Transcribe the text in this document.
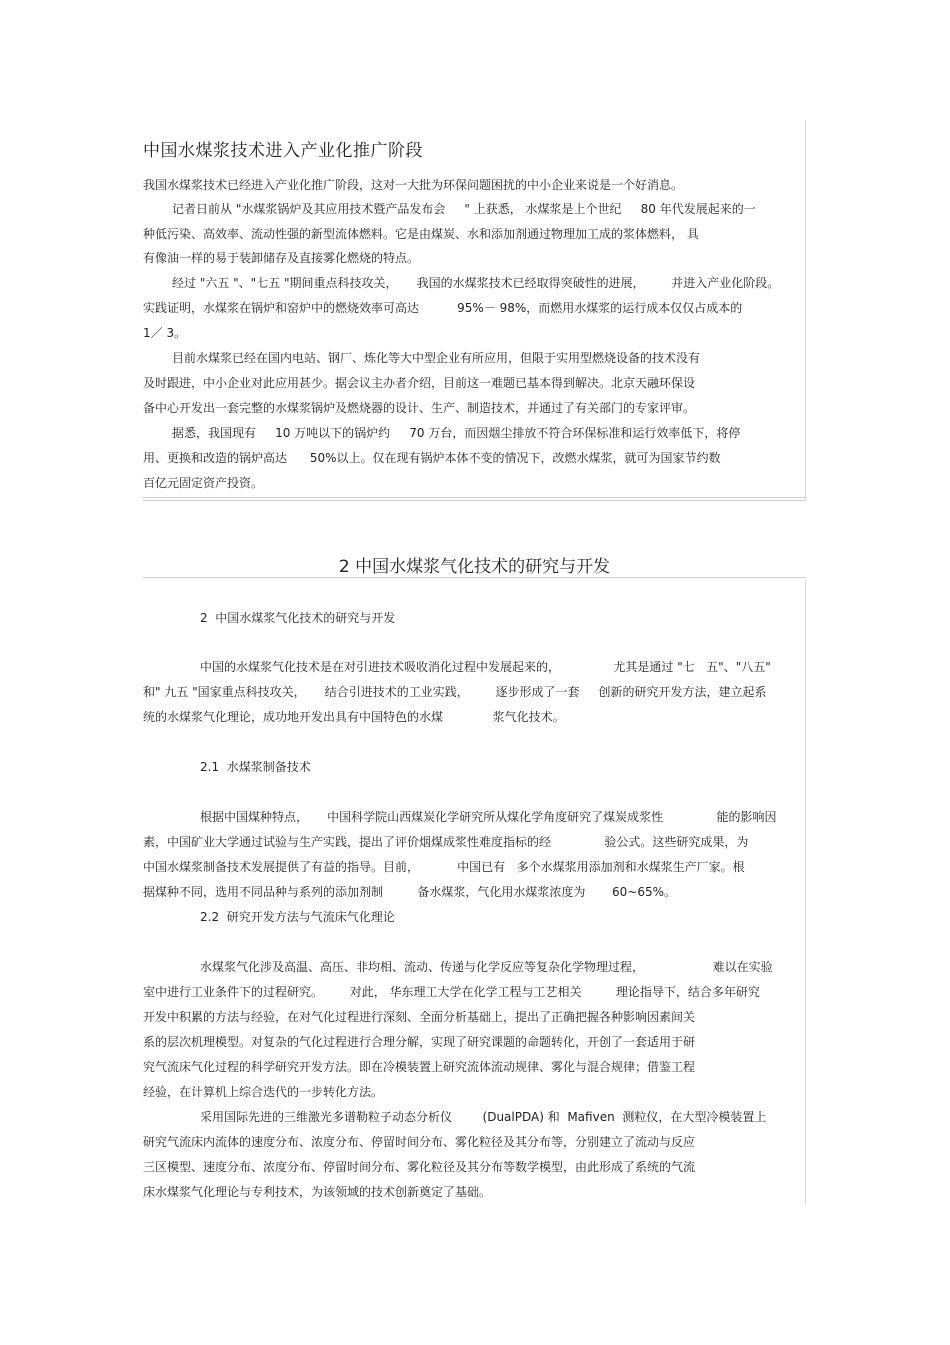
中国水煤浆技术进入产业化推广阶段
我国水煤浆技术已经进入产业化推广阶段，这对一大批为环保问题困扰的中小企业来说是一个好消息。
记者日前从 "水煤浆锅炉及其应用技术暨产品发布会     " 上获悉， 水煤浆是上个世纪     80 年代发展起来的一
种低污染、高效率、流动性强的新型流体燃料。它是由煤炭、水和添加剂通过物理加工成的浆体燃料， 具
有像油一样的易于装卸储存及直接雾化燃烧的特点。
经过 "六五 "、"七五 "期间重点科技攻关，     我国的水煤浆技术已经取得突破性的进展，       并进入产业化阶段。
实践证明，水煤浆在锅炉和窑炉中的燃烧效率可高达          95%－ 98%，而燃用水煤浆的运行成本仅仅占成本的
1／ 3。
目前水煤浆已经在国内电站、钢厂、炼化等大中型企业有所应用，但限于实用型燃烧设备的技术没有
及时跟进，中小企业对此应用甚少。据会议主办者介绍，目前这一难题已基本得到解决。北京天融环保设
备中心开发出一套完整的水煤浆锅炉及燃烧器的设计、生产、制造技术，并通过了有关部门的专家评审。
据悉，我国现有     10 万吨以下的锅炉约     70 万台，而因烟尘排放不符合环保标准和运行效率低下，将停
用、更换和改造的锅炉高达      50%以上。仅在现有锅炉本体不变的情况下，改燃水煤浆，就可为国家节约数
百亿元固定资产投资。
2 中国水煤浆气化技术的研究与开发
2  中国水煤浆气化技术的研究与开发
中国的水煤浆气化技术是在对引进技术吸收消化过程中发展起来的，              尤其是通过 "七   五"、"八五"
和" 九五 "国家重点科技攻关，     结合引进技术的工业实践，       逐步形成了一套     创新的研究开发方法，建立起系
统的水煤浆气化理论，成功地开发出具有中国特色的水煤             浆气化技术。
2.1  水煤浆制备技术
根据中国煤种特点，     中国科学院山西煤炭化学研究所从煤化学角度研究了煤炭成浆性              能的影响因
素，中国矿业大学通过试验与生产实践，提出了评价烟煤成浆性难度指标的经              验公式。这些研究成果，为
中国水煤浆制备技术发展提供了有益的指导。目前，          中国已有   多个水煤浆用添加剂和水煤浆生产厂家。根
据煤种不同，选用不同品种与系列的添加剂制         备水煤浆，气化用水煤浆浓度为       60~65%。
2.2  研究开发方法与气流床气化理论
水煤浆气化涉及高温、高压、非均相、流动、传递与化学反应等复杂化学物理过程，                  难以在实验
室中进行工业条件下的过程研究。       对此， 华东理工大学在化学工程与工艺相关         理论指导下，结合多年研究
开发中积累的方法与经验，在对气化过程进行深刻、全面分析基础上，提出了正确把握各种影响因素间关
系的层次机理模型。对复杂的气化过程进行合理分解，实现了研究课题的命题转化，开创了一套适用于研
究气流床气化过程的科学研究开发方法。即在冷模装置上研究流体流动规律、雾化与混合规律；借鉴工程
经验，在计算机上综合迭代的一步转化方法。
采用国际先进的三维激光多谱勒粒子动态分析仪        (DualPDA) 和  Mafiven  测粒仪，在大型冷模装置上
研究气流床内流体的速度分布、浓度分布、停留时间分布、雾化粒径及其分布等，分别建立了流动与反应
三区模型、速度分布、浓度分布、停留时间分布、雾化粒径及其分布等数学模型，由此形成了系统的气流
床水煤浆气化理论与专利技术，为该领域的技术创新奠定了基础。
